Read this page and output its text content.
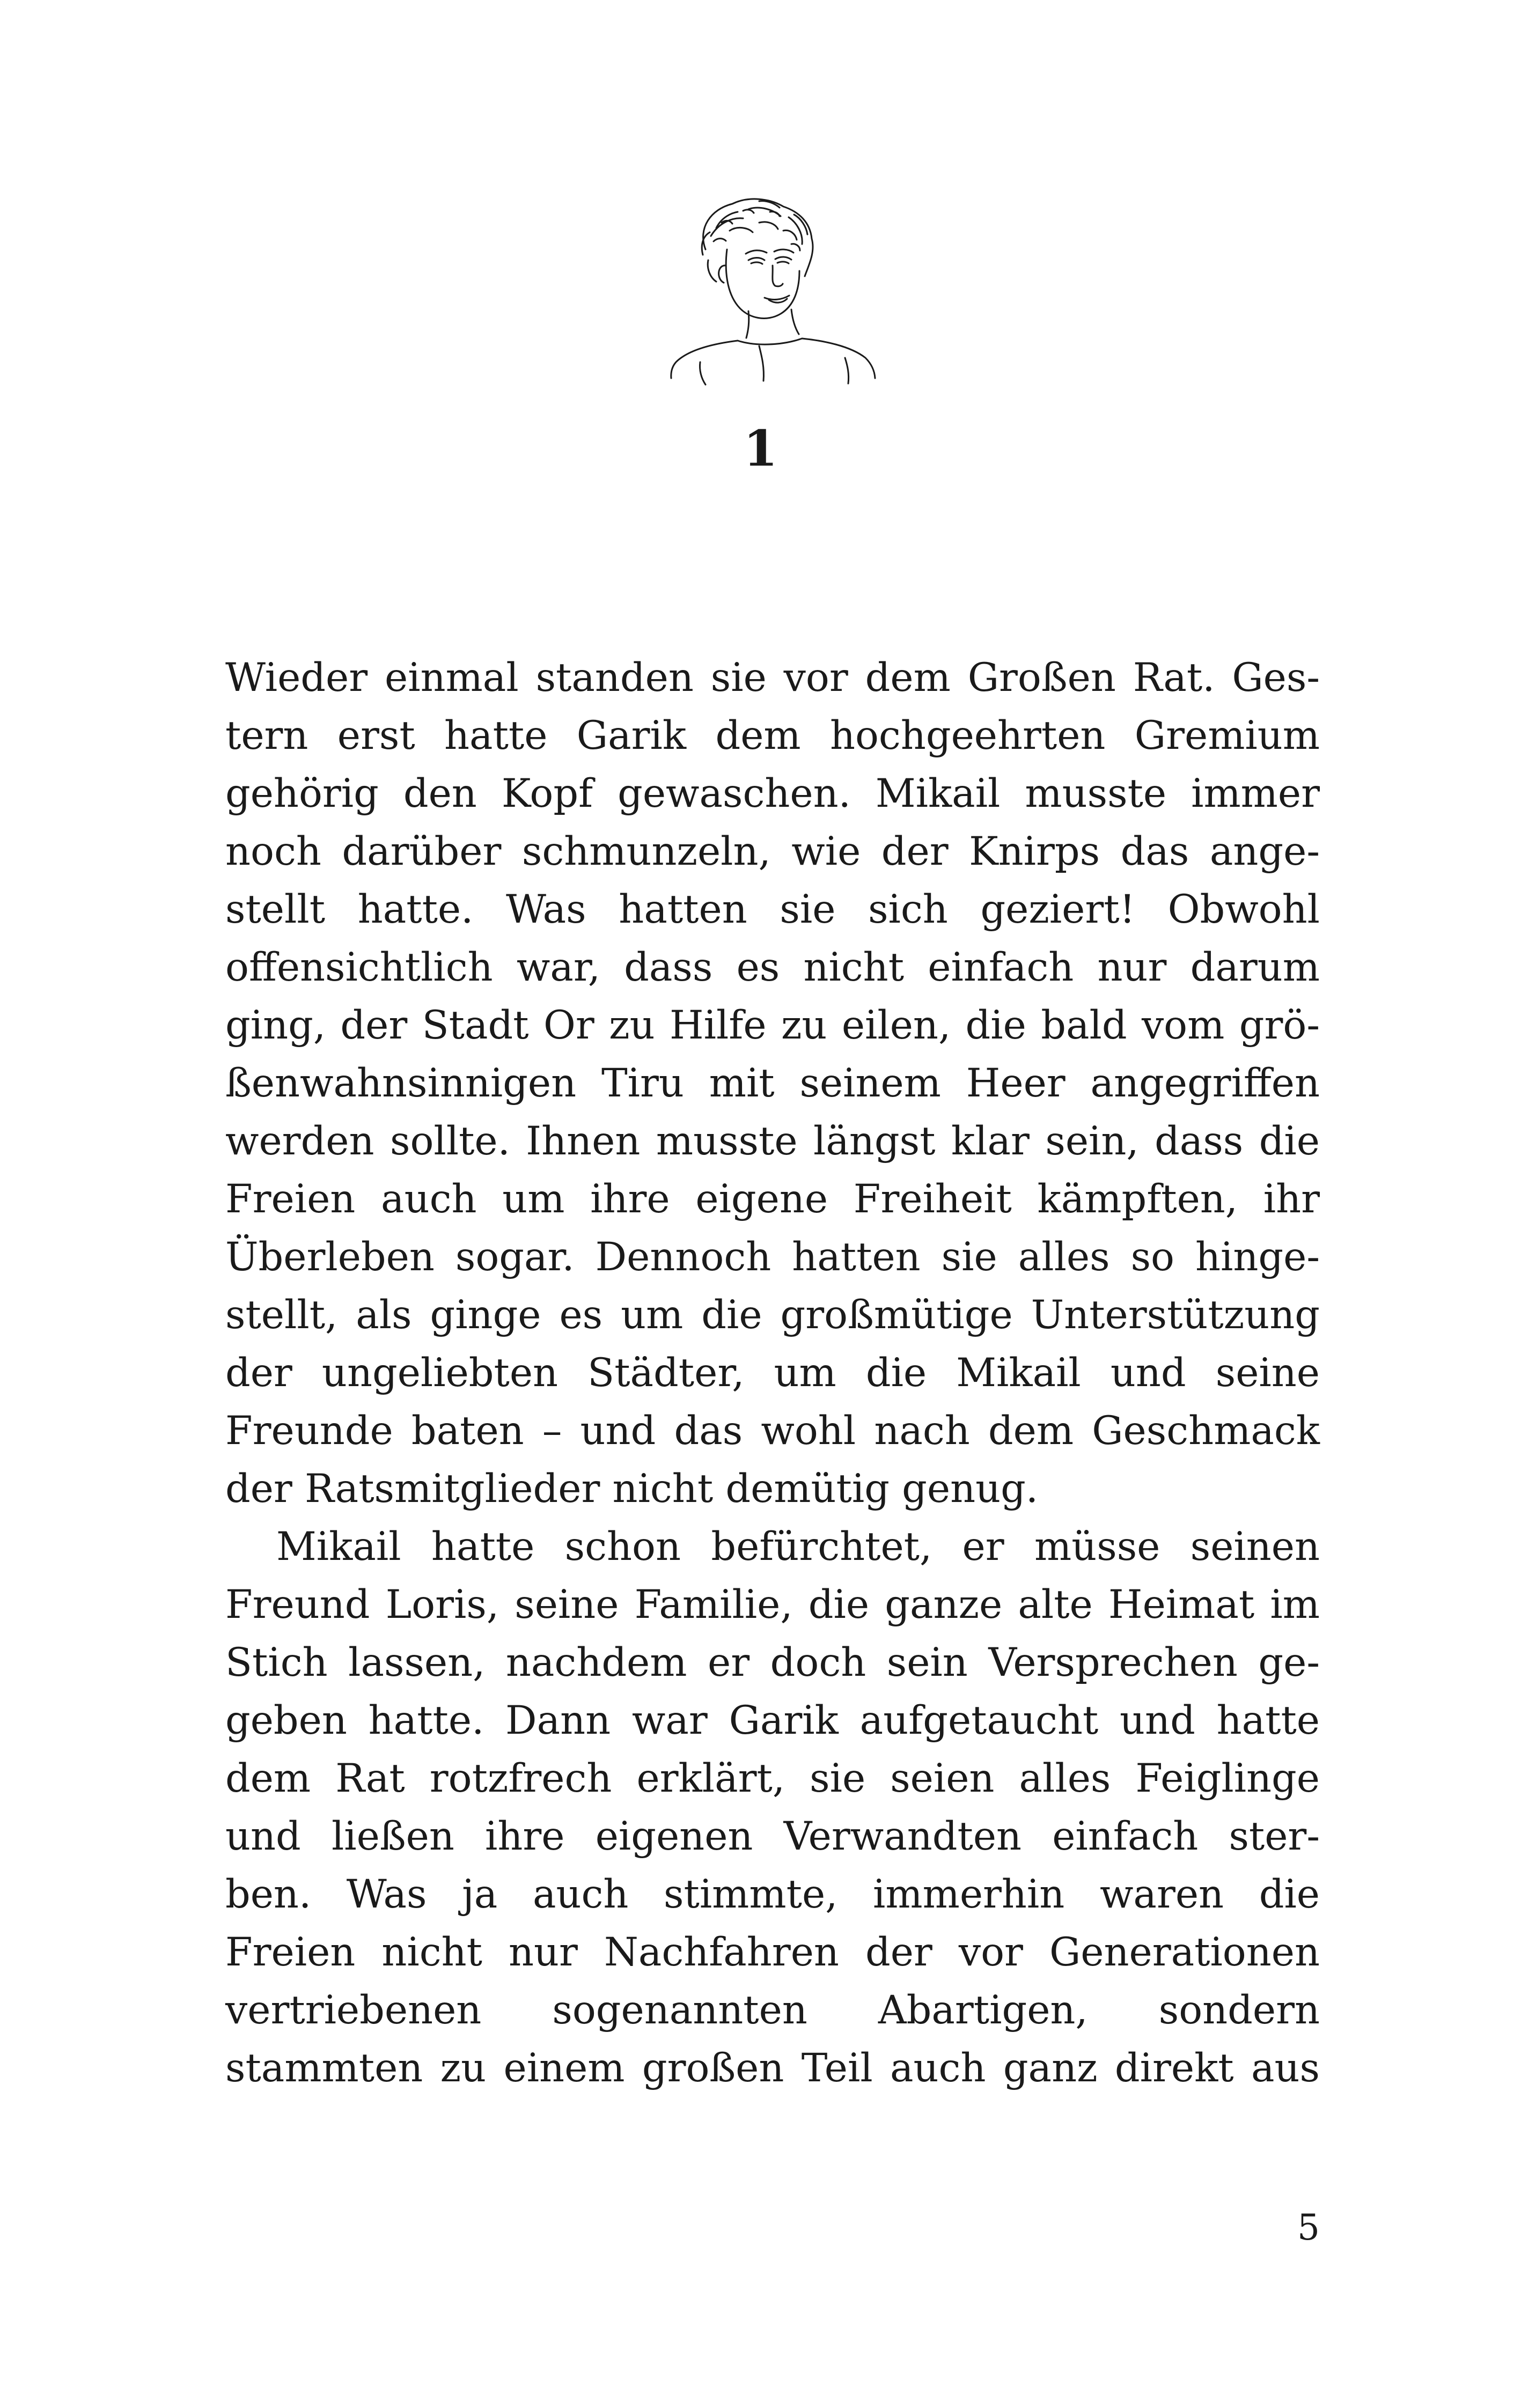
1
Wieder einmal standen sie vor dem Großen Rat. Ges-
tern erst hatte Garik dem hochgeehrten Gremium
gehörig den Kopf gewaschen. Mikail musste immer
noch darüber schmunzeln, wie der Knirps das ange-
stellt hatte. Was hatten sie sich geziert! Obwohl
offensichtlich war, dass es nicht einfach nur darum
ging, der Stadt Or zu Hilfe zu eilen, die bald vom grö-
ßenwahnsinnigen Tiru mit seinem Heer angegriffen
werden sollte. Ihnen musste längst klar sein, dass die
Freien auch um ihre eigene Freiheit kämpften, ihr
Überleben sogar. Dennoch hatten sie alles so hinge-
stellt, als ginge es um die großmütige Unterstützung
der ungeliebten Städter, um die Mikail und seine
Freunde baten – und das wohl nach dem Geschmack
der Ratsmitglieder nicht demütig genug.
Mikail hatte schon befürchtet, er müsse seinen
Freund Loris, seine Familie, die ganze alte Heimat im
Stich lassen, nachdem er doch sein Versprechen ge-
geben hatte. Dann war Garik aufgetaucht und hatte
dem Rat rotzfrech erklärt, sie seien alles Feiglinge
und ließen ihre eigenen Verwandten einfach ster-
ben. Was ja auch stimmte, immerhin waren die
Freien nicht nur Nachfahren der vor Generationen
vertriebenen sogenannten Abartigen, sondern
stammten zu einem großen Teil auch ganz direkt aus
5
